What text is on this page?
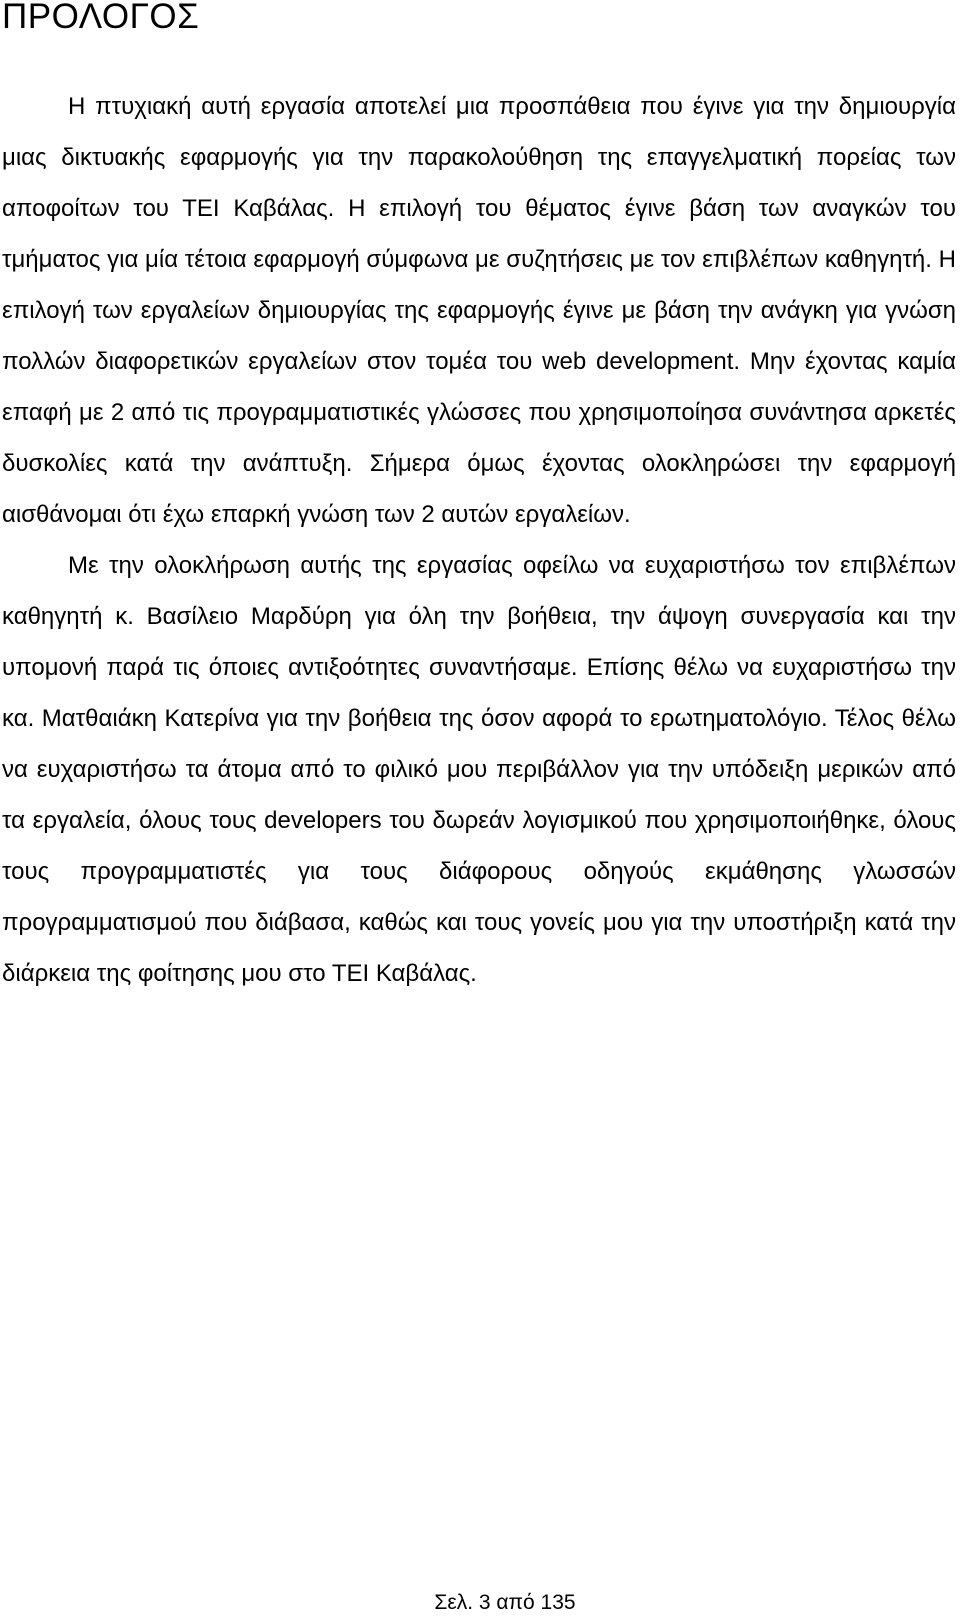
ΠΡΟΛΟΓΟΣ

Η πτυχιακή αυτή εργασία αποτελεί μια προσπάθεια που έγινε για την δημιουργία μιας δικτυακής εφαρμογής για την παρακολούθηση της επαγγελματική πορείας των αποφοίτων του ΤΕΙ Καβάλας. Η επιλογή του θέματος έγινε βάση των αναγκών του τμήματος για μία τέτοια εφαρμογή σύμφωνα με συζητήσεις με τον επιβλέπων καθηγητή. Η επιλογή των εργαλείων δημιουργίας της εφαρμογής έγινε με βάση την ανάγκη για γνώση πολλών διαφορετικών εργαλείων στον τομέα του web development. Μην έχοντας καμία επαφή με 2 από τις προγραμματιστικές γλώσσες που χρησιμοποίησα συνάντησα αρκετές δυσκολίες κατά την ανάπτυξη. Σήμερα όμως έχοντας ολοκληρώσει την εφαρμογή αισθάνομαι ότι έχω επαρκή γνώση των 2 αυτών εργαλείων.

Με την ολοκλήρωση αυτής της εργασίας οφείλω να ευχαριστήσω τον επιβλέπων καθηγητή κ. Βασίλειο Μαρδύρη για όλη την βοήθεια, την άψογη συνεργασία και την υπομονή παρά τις όποιες αντιξοότητες συναντήσαμε. Επίσης θέλω να ευχαριστήσω την κα. Ματθαιάκη Κατερίνα για την βοήθεια της όσον αφορά το ερωτηματολόγιο. Τέλος θέλω να ευχαριστήσω τα άτομα από το φιλικό μου περιβάλλον για την υπόδειξη μερικών από τα εργαλεία, όλους τους developers του δωρεάν λογισμικού που χρησιμοποιήθηκε, όλους τους προγραμματιστές για τους διάφορους οδηγούς εκμάθησης γλωσσών προγραμματισμού που διάβασα, καθώς και τους γονείς μου για την υποστήριξη κατά την διάρκεια της φοίτησης μου στο ΤΕΙ Καβάλας.

Σελ. 3 από 135
